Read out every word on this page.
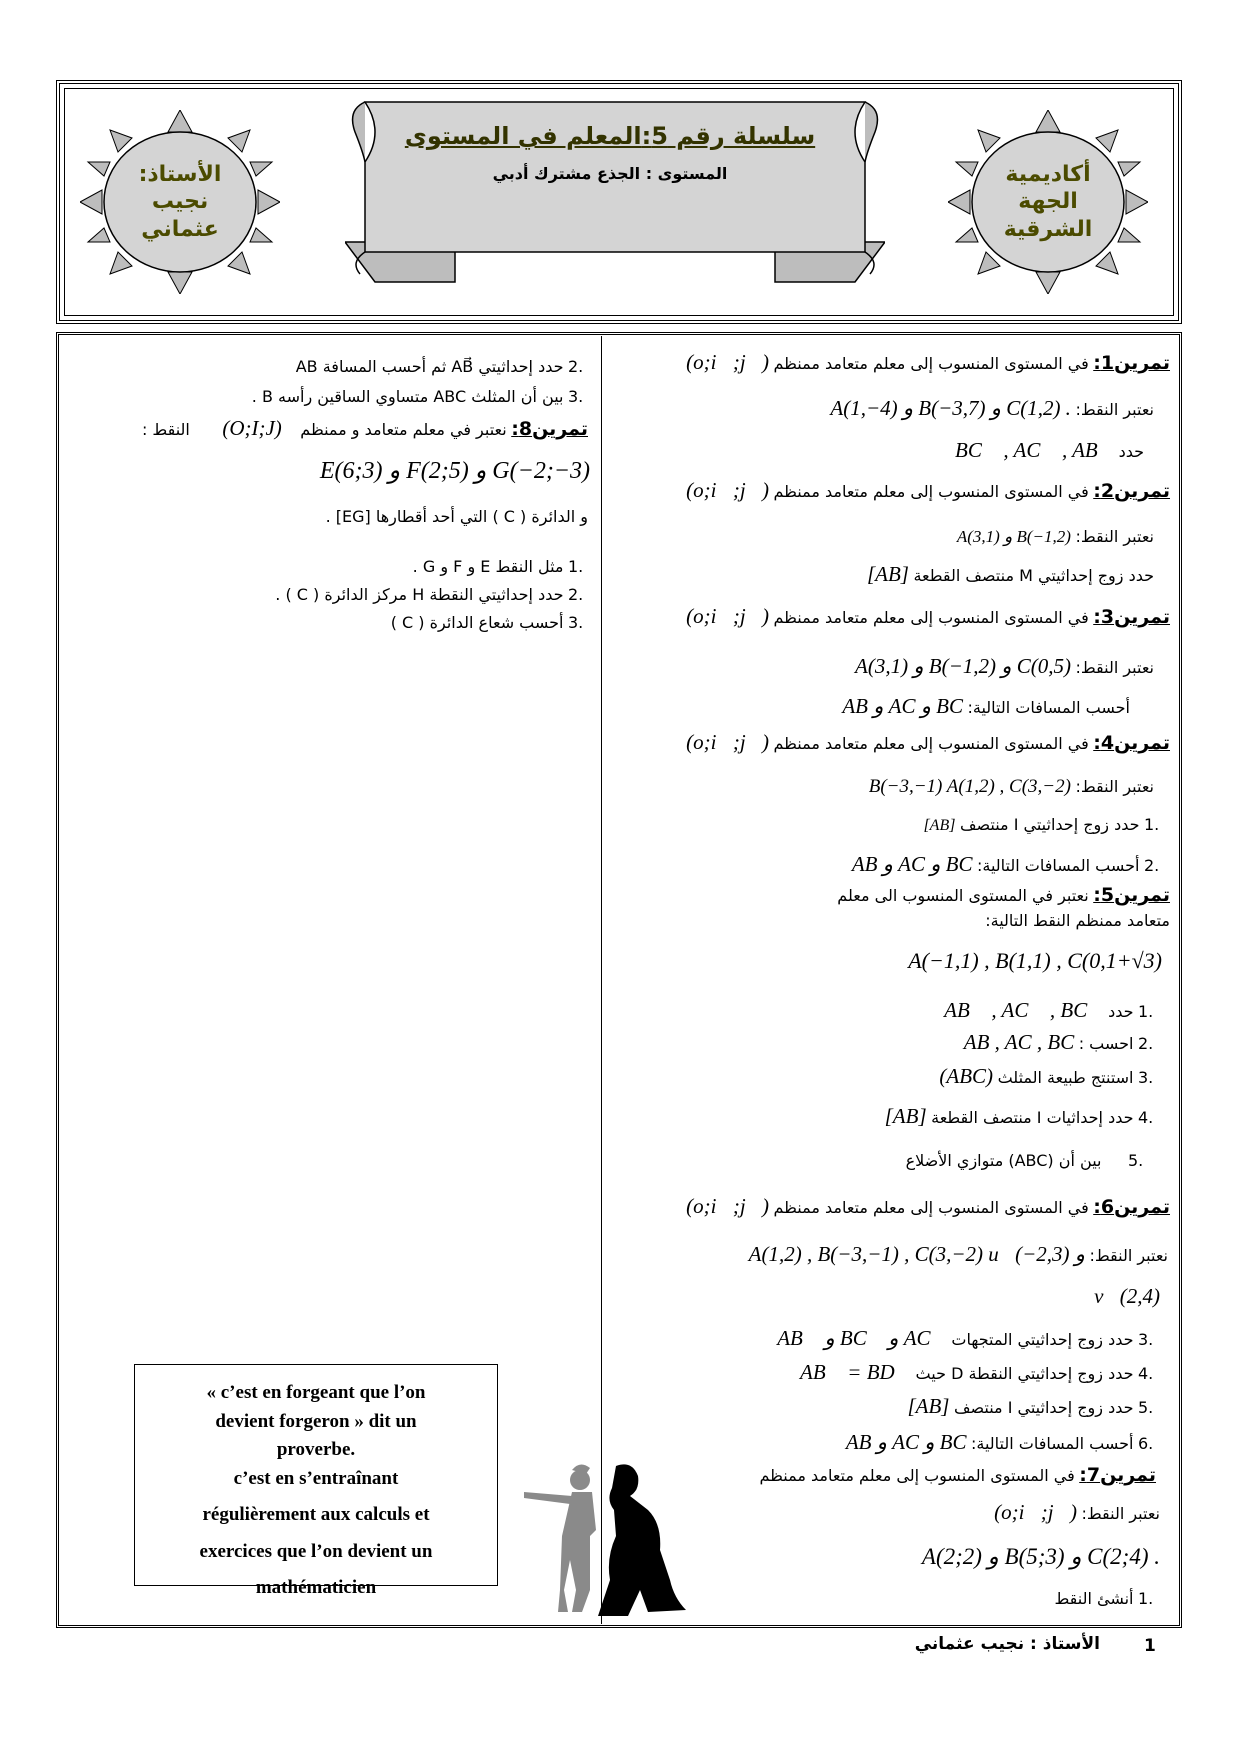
أكاديمية
الجهة
الشرقية
الأستاذ:
نجيب
عثماني
سلسلة رقم 5:المعلم في المستوى
المستوى : الجذع مشترك أدبي
تمرين1: في المستوى المنسوب إلى معلم متعامد ممنظم (o;i⃗;j⃗)
نعتبر النقط: A(1,−4) و B(−3,7) و C(1,2) .
حدد BC⃗ , AC⃗ , AB⃗
تمرين2: في المستوى المنسوب إلى معلم متعامد ممنظم (o;i⃗;j⃗)
نعتبر النقط: A(3,1) و B(−1,2)
حدد زوج إحداثيتي M منتصف القطعة [AB]
تمرين3: في المستوى المنسوب إلى معلم متعامد ممنظم (o;i⃗;j⃗)
نعتبر النقط: A(3,1) و B(−1,2) و C(0,5)
أحسب المسافات التالية: AB و AC و BC
تمرين4: في المستوى المنسوب إلى معلم متعامد ممنظم (o;i⃗;j⃗)
نعتبر النقط: B(−3,−1) A(1,2) , C(3,−2)
1. حدد زوج إحداثيتي I منتصف [AB]
2. أحسب المسافات التالية: AB و AC و BC
تمرين5: نعتبر في المستوى المنسوب الى معلم
متعامد ممنظم النقط التالية:
A(−1,1) , B(1,1) , C(0,1+√3)
1. حدد AB⃗ , AC⃗ , BC⃗
2. احسب : AB , AC , BC
3. استنتج طبيعة المثلث (ABC)
4. حدد إحداثيات I منتصف القطعة [AB]
5. بين أن (ABC) متوازي الأضلاع
تمرين6: في المستوى المنسوب إلى معلم متعامد ممنظم (o;i⃗;j⃗)
نعتبر النقط: A(1,2) , B(−3,−1) , C(3,−2) u⃗(−2,3) و
v⃗(2,4)
3. حدد زوج إحداثيتي المتجهات AB⃗ و BC⃗ و AC⃗
4. حدد زوج إحداثيتي النقطة D حيث AB⃗ = BD⃗
5. حدد زوج إحداثيتي I منتصف [AB]
6. أحسب المسافات التالية: AB و AC و BC
تمرين7: في المستوى المنسوب إلى معلم متعامد ممنظم
نعتبر النقط: (o;i⃗;j⃗)
A(2;2) و B(5;3) و C(2;4) .
1. أنشئ النقط
2. حدد إحداثيتي AB⃗ ثم أحسب المسافة AB
3. بين أن المثلث ABC متساوي الساقين رأسه B .
تمرين8: نعتبر في معلم متعامد و ممنظم (O;I;J) النقط :
E(6;3) و F(2;5) و G(−2;−3)
و الدائرة ( C ) التي أحد أقطارها [EG] .
1. مثل النقط E و F و G .
2. حدد إحداثيتي النقطة H مركز الدائرة ( C ) .
3. أحسب شعاع الدائرة ( C )

« c’est en forgeant que l’on

devient forgeron » dit un

proverbe.

c’est en s’entraînant

régulièrement aux calculs et

exercices que l’on devient un

mathématicien

1
الأستاذ : نجيب عثماني
